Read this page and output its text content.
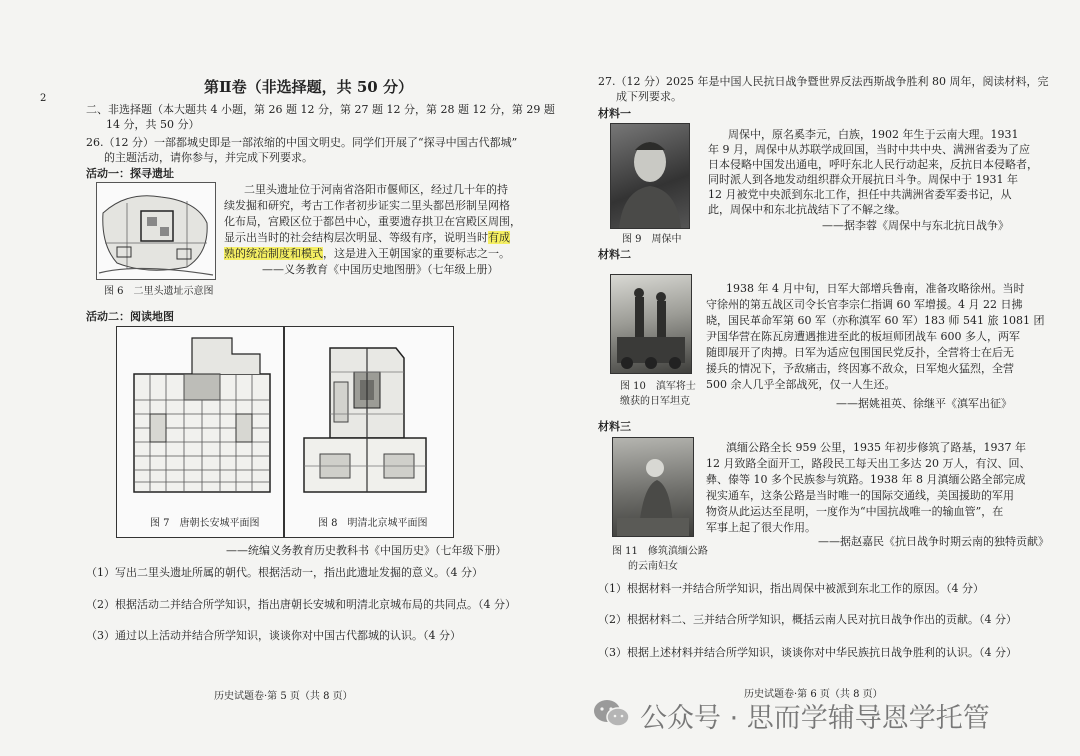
2
第Ⅱ卷（非选择题，共 50 分）
二、非选择题（本大题共 4 小题，第 26 题 12 分，第 27 题 12 分，第 28 题 12 分，第 29 题
14 分，共 50 分）
26.（12 分）一部都城史即是一部浓缩的中国文明史。同学们开展了“探寻中国古代都城”
的主题活动，请你参与，并完成下列要求。
活动一：探寻遗址
二里头遗址位于河南省洛阳市偃师区，经过几十年的持
续发掘和研究，考古工作者初步证实二里头都邑形制呈网格
化布局，宫殿区位于都邑中心，重要遗存拱卫在宫殿区周围，
显示出当时的社会结构层次明显、等级有序，说明当时有成
熟的统治制度和模式，这是进入王朝国家的重要标志之一。
——义务教育《中国历史地图册》（七年级上册）
图 6　二里头遗址示意图
活动二：阅读地图
图 7　唐朝长安城平面图	图 8　明清北京城平面图
——统编义务教育历史教科书《中国历史》（七年级下册）
（1）写出二里头遗址所属的朝代。根据活动一，指出此遗址发掘的意义。（4 分）
（2）根据活动二并结合所学知识，指出唐朝长安城和明清北京城布局的共同点。（4 分）
（3）通过以上活动并结合所学知识，谈谈你对中国古代都城的认识。（4 分）
历史试题卷·第 5 页（共 8 页）
27.（12 分）2025 年是中国人民抗日战争暨世界反法西斯战争胜利 80 周年，阅读材料，完
成下列要求。
材料一
周保中，原名奚李元，白族，1902 年生于云南大理。1931
年 9 月，周保中从苏联学成回国，当时中共中央、满洲省委为了应
日本侵略中国发出通电，呼吁东北人民行动起来，反抗日本侵略者，
同时派人到各地发动组织群众开展抗日斗争。周保中于 1931 年
12 月被党中央派到东北工作，担任中共满洲省委军委书记，从
此，周保中和东北抗战结下了不解之缘。
——据李蓉《周保中与东北抗日战争》
图 9　周保中
材料二
1938 年 4 月中旬，日军大部增兵鲁南，准备攻略徐州。当时
守徐州的第五战区司令长官李宗仁指调 60 军增援。4 月 22 日拂
晓，国民革命军第 60 军（亦称滇军 60 军）183 师 541 旅 1081 团
尹国华营在陈瓦房遭遇推进至此的板垣师团战车 600 多人，两军
随即展开了肉搏。日军为适应包围国民党反扑，全营将士在后无
援兵的情况下，予敌痛击，终因寡不敌众，日军炮火猛烈，全营
500 余人几乎全部战死，仅一人生还。
——据姚祖英、徐继平《滇军出征》
图 10　滇军将士
缴获的日军坦克
材料三
滇缅公路全长 959 公里，1935 年初步修筑了路基，1937 年
12 月致路全面开工，路段民工每天出工多达 20 万人，有汉、回、
彝、傣等 10 多个民族参与筑路。1938 年 8 月滇缅公路全部完成
视实通车，这条公路是当时唯一的国际交通线，美国援助的军用
物资从此运达至昆明，一度作为“中国抗战唯一的输血管”，在
军事上起了很大作用。
——据赵嘉民《抗日战争时期云南的独特贡献》
图 11　修筑滇缅公路
的云南妇女
（1）根据材料一并结合所学知识，指出周保中被派到东北工作的原因。（4 分）
（2）根据材料二、三并结合所学知识，概括云南人民对抗日战争作出的贡献。（4 分）
（3）根据上述材料并结合所学知识，谈谈你对中华民族抗日战争胜利的认识。（4 分）
历史试题卷·第 6 页（共 8 页）
公众号 · 思而学辅导恩学托管
